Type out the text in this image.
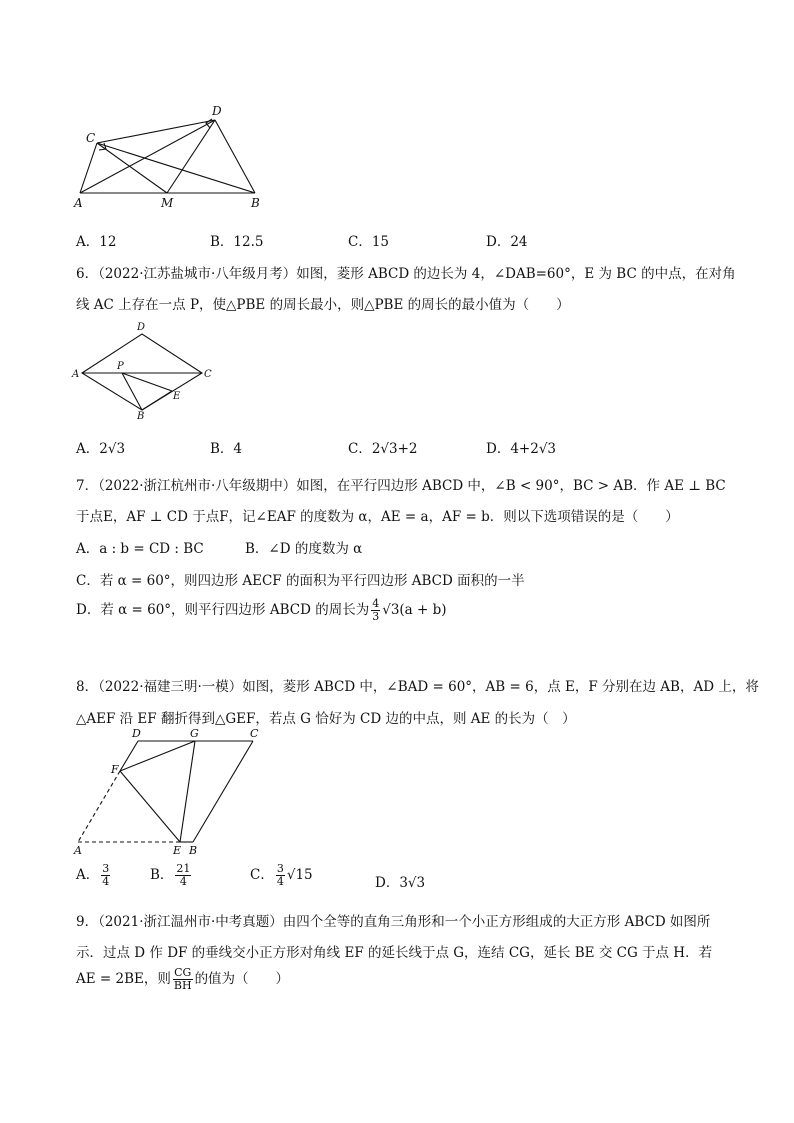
C
D
A	M	B
A．12	B．12.5	C．15	D．24
6．（2022·江苏盐城市·八年级月考）如图，菱形 ABCD 的边长为 4，∠DAB=60°，E 为 BC 的中点，在对角
线 AC 上存在一点 P，使△PBE 的周长最小，则△PBE 的周长的最小值为（　　）
D
A
P
C
E
B
A．2√3	B．4	C．2√3+2	D．4+2√3
7．（2022·浙江杭州市·八年级期中）如图，在平行四边形 ABCD 中，∠B < 90°，BC > AB．作 AE ⊥ BC
于点E，AF ⊥ CD 于点F，记∠EAF 的度数为 α，AE = a，AF = b．则以下选项错误的是（　　）
A．a : b = CD : BC	B．∠D 的度数为 α
C．若 α = 60°，则四边形 AECF 的面积为平行四边形 ABCD 面积的一半
D．若 α = 60°，则平行四边形 ABCD 的周长为 $\frac{4}{3} √3(a + b)$
8．（2022·福建三明·一模）如图，菱形 ABCD 中，∠BAD = 60°，AB = 6，点 E，F 分别在边 AB，AD 上，将
△AEF 沿 EF 翻折得到△GEF，若点 G 恰好为 CD 边的中点，则 AE 的长为（　）
D	G	C
F
A	E B
A． $\frac{3}{4}$	B． $\frac{21}{4}$	C． $\frac{3}{4} √15$	D．3√3
9．（2021·浙江温州市·中考真题）由四个全等的直角三角形和一个小正方形组成的大正方形 ABCD 如图所
示．过点 D 作 DF 的垂线交小正方形对角线 EF 的延长线于点 G，连结 CG，延长 BE 交 CG 于点 H．若
AE = 2BE，则 $\frac{CG}{BH}$ 的值为（　　）
